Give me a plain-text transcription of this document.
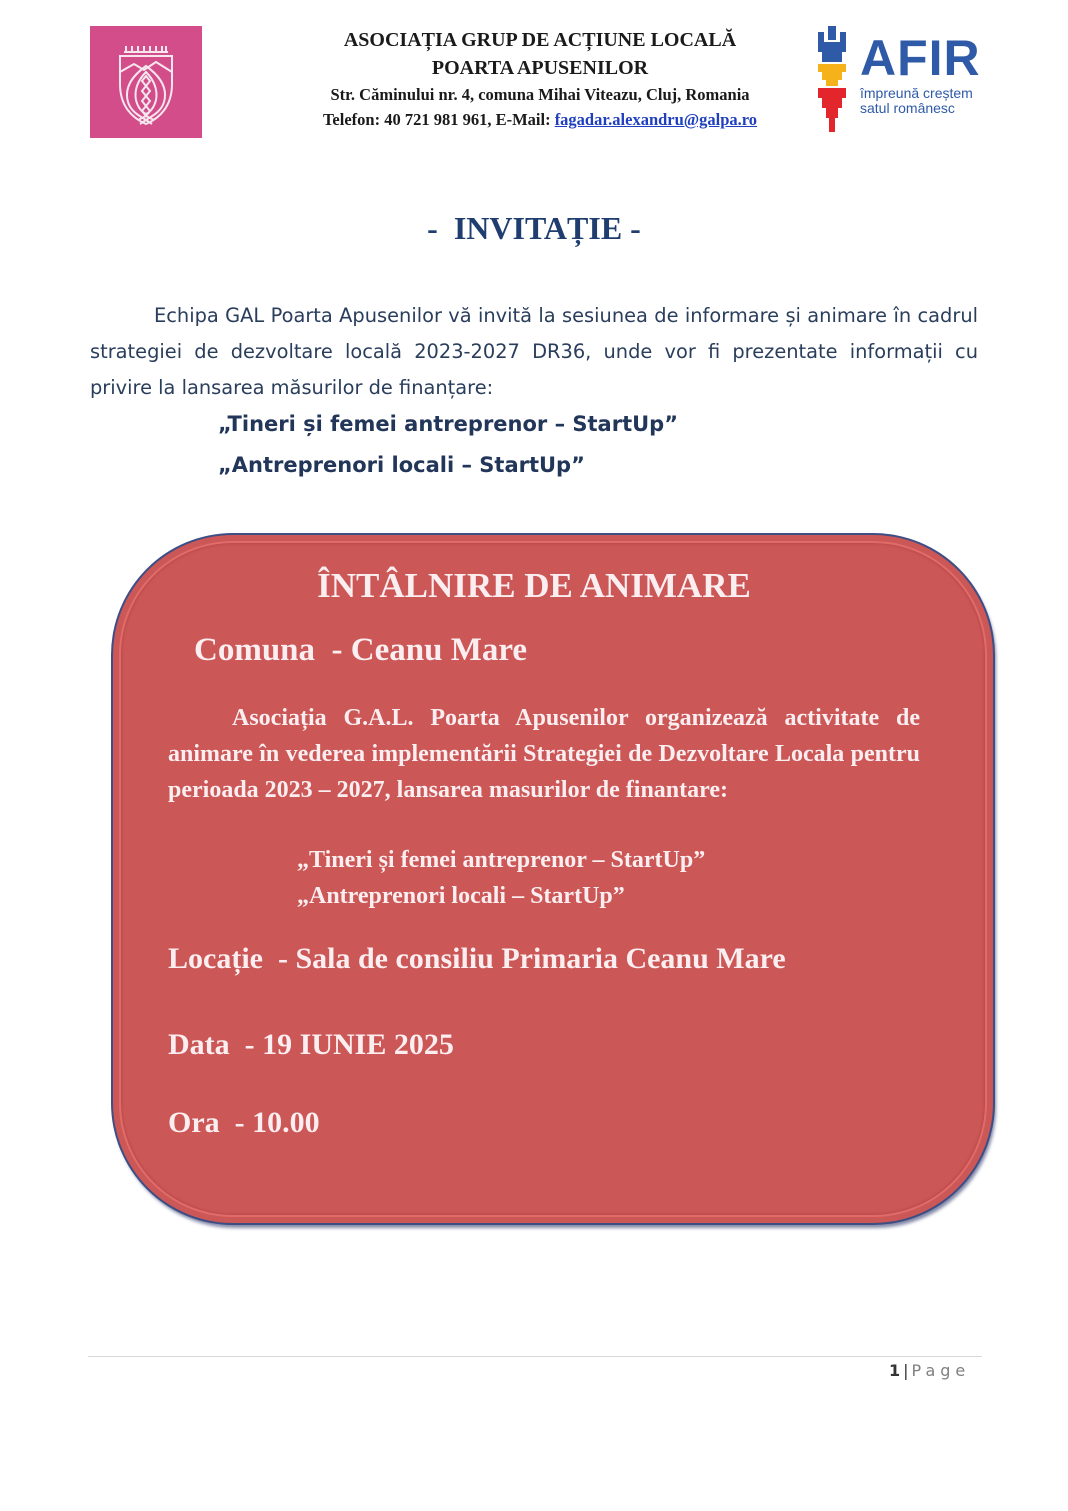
ASOCIAȚIA GRUP DE ACȚIUNE LOCALĂ
POARTA APUSENILOR
Str. Căminului nr. 4, comuna Mihai Viteazu, Cluj, Romania
Telefon: 40 721 981 961, E-Mail: fagadar.alexandru@galpa.ro
AFIR
împreună creștem
satul românesc
-  INVITAȚIE -
Echipa GAL Poarta Apusenilor vă invită la sesiunea de informare și animare în cadrul strategiei de dezvoltare locală 2023-2027 DR36, unde vor fi prezentate informații cu privire la lansarea măsurilor de finanțare:
„Tineri și femei antreprenor – StartUp”
„Antreprenori locali – StartUp”
ÎNTÂLNIRE DE ANIMARE
Comuna  - Ceanu Mare
Asociația G.A.L. Poarta Apusenilor organizează activitate de animare în vederea implementării Strategiei de Dezvoltare Locala pentru perioada 2023 – 2027, lansarea masurilor de finantare:
„Tineri și femei antreprenor – StartUp”
„Antreprenori locali – StartUp”
Locație  - Sala de consiliu Primaria Ceanu Mare
Data  - 19 IUNIE 2025
Ora  - 10.00
1 | Page
